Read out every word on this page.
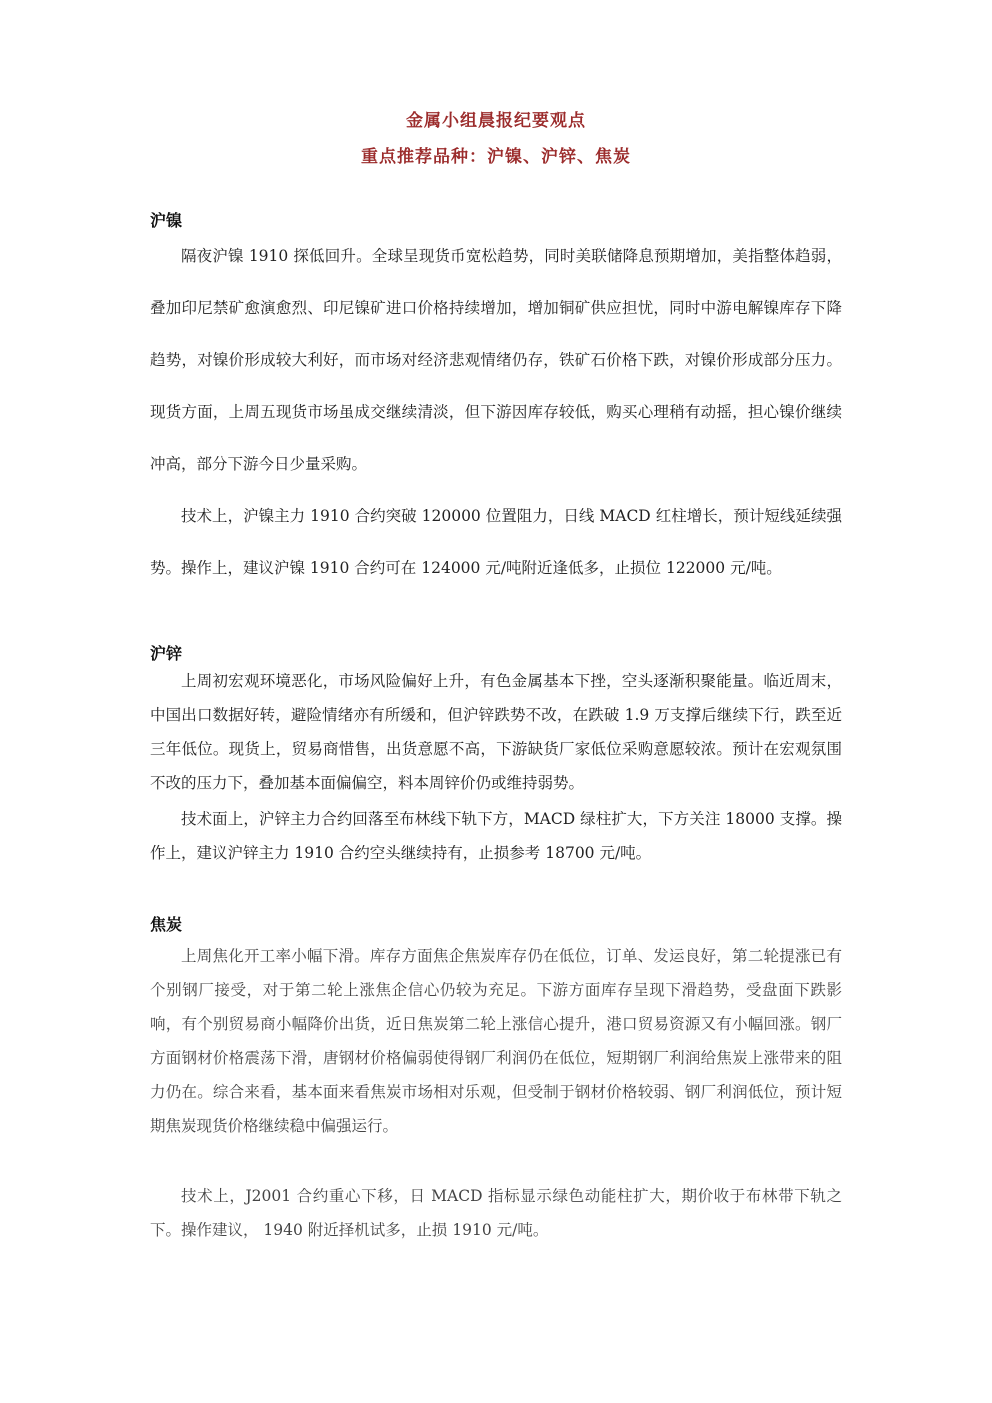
金属小组晨报纪要观点
重点推荐品种：沪镍、沪锌、焦炭
沪镍

隔夜沪镍 1910 探低回升。全球呈现货币宽松趋势，同时美联储降息预期增加，美指整体趋弱，叠加印尼禁矿愈演愈烈、印尼镍矿进口价格持续增加，增加铜矿供应担忧，同时中游电解镍库存下降趋势，对镍价形成较大利好，而市场对经济悲观情绪仍存，铁矿石价格下跌，对镍价形成部分压力。现货方面，上周五现货市场虽成交继续清淡，但下游因库存较低，购买心理稍有动摇，担心镍价继续冲高，部分下游今日少量采购。

技术上，沪镍主力 1910 合约突破 120000 位置阻力，日线 MACD 红柱增长，预计短线延续强势。操作上，建议沪镍 1910 合约可在 124000 元/吨附近逢低多，止损位 122000 元/吨。

沪锌

上周初宏观环境恶化，市场风险偏好上升，有色金属基本下挫，空头逐渐积聚能量。临近周末，中国出口数据好转，避险情绪亦有所缓和，但沪锌跌势不改，在跌破 1.9 万支撑后继续下行，跌至近三年低位。现货上，贸易商惜售，出货意愿不高，下游缺货厂家低位采购意愿较浓。预计在宏观氛围不改的压力下，叠加基本面偏偏空，料本周锌价仍或维持弱势。

技术面上，沪锌主力合约回落至布林线下轨下方，MACD 绿柱扩大，下方关注 18000 支撑。操作上，建议沪锌主力 1910 合约空头继续持有，止损参考 18700 元/吨。

焦炭

上周焦化开工率小幅下滑。库存方面焦企焦炭库存仍在低位，订单、发运良好，第二轮提涨已有个别钢厂接受，对于第二轮上涨焦企信心仍较为充足。下游方面库存呈现下滑趋势，受盘面下跌影响，有个别贸易商小幅降价出货，近日焦炭第二轮上涨信心提升，港口贸易资源又有小幅回涨。钢厂方面钢材价格震荡下滑，唐钢材价格偏弱使得钢厂利润仍在低位，短期钢厂利润给焦炭上涨带来的阻力仍在。综合来看，基本面来看焦炭市场相对乐观，但受制于钢材价格较弱、钢厂利润低位，预计短期焦炭现货价格继续稳中偏强运行。

技术上，J2001 合约重心下移，日 MACD 指标显示绿色动能柱扩大，期价收于布林带下轨之下。操作建议， 1940 附近择机试多，止损 1910 元/吨。
